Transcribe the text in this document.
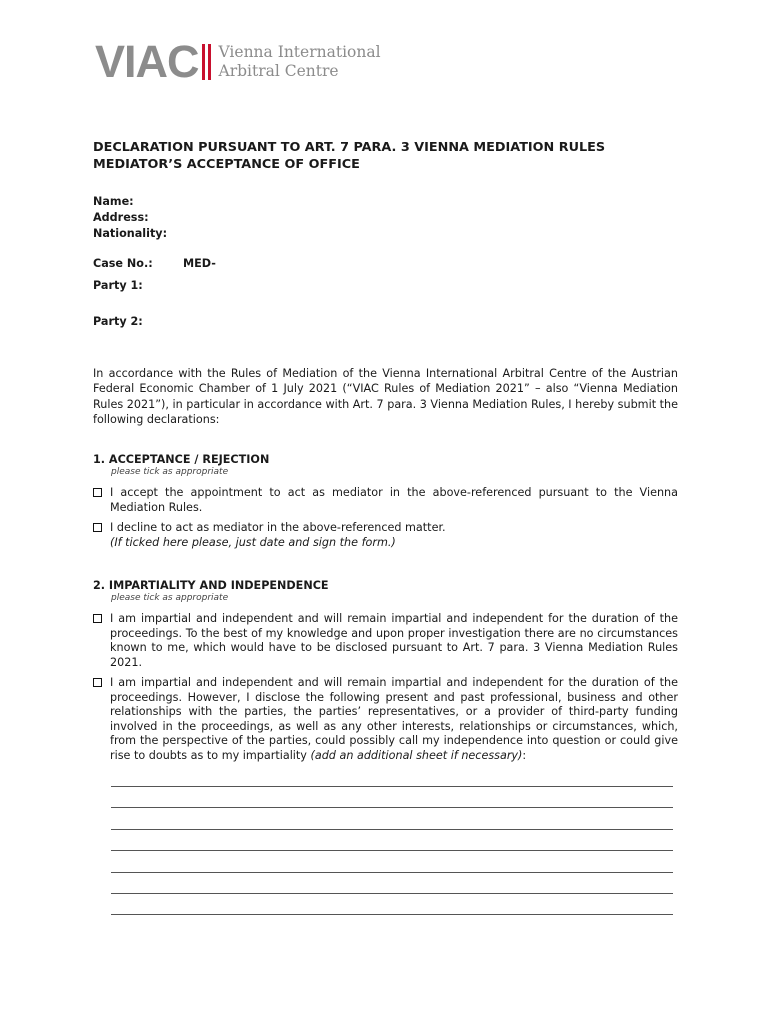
VIAC Vienna International
Arbitral Centre
DECLARATION PURSUANT TO ART. 7 PARA. 3 VIENNA MEDIATION RULES
MEDIATOR’S ACCEPTANCE OF OFFICE
Name:
Address:
Nationality:
Case No.:	MED-
Party 1:
Party 2:
In accordance with the Rules of Mediation of the Vienna International Arbitral Centre of the Austrian Federal Economic Chamber of 1 July 2021 (“VIAC Rules of Mediation 2021” – also “Vienna Mediation Rules 2021”), in particular in accordance with Art. 7 para. 3 Vienna Mediation Rules, I hereby submit the following declarations:
1. ACCEPTANCE / REJECTION
please tick as appropriate
I accept the appointment to act as mediator in the above-referenced pursuant to the Vienna Mediation Rules.
I decline to act as mediator in the above-referenced matter.
(If ticked here please, just date and sign the form.)
2. IMPARTIALITY AND INDEPENDENCE
please tick as appropriate
I am impartial and independent and will remain impartial and independent for the duration of the proceedings. To the best of my knowledge and upon proper investigation there are no circumstances known to me, which would have to be disclosed pursuant to Art. 7 para. 3 Vienna Mediation Rules 2021.
I am impartial and independent and will remain impartial and independent for the duration of the proceedings. However, I disclose the following present and past professional, business and other relationships with the parties, the parties’ representatives, or a provider of third-party funding involved in the proceedings, as well as any other interests, relationships or circumstances, which, from the perspective of the parties, could possibly call my independence into question or could give rise to doubts as to my impartiality (add an additional sheet if necessary):
